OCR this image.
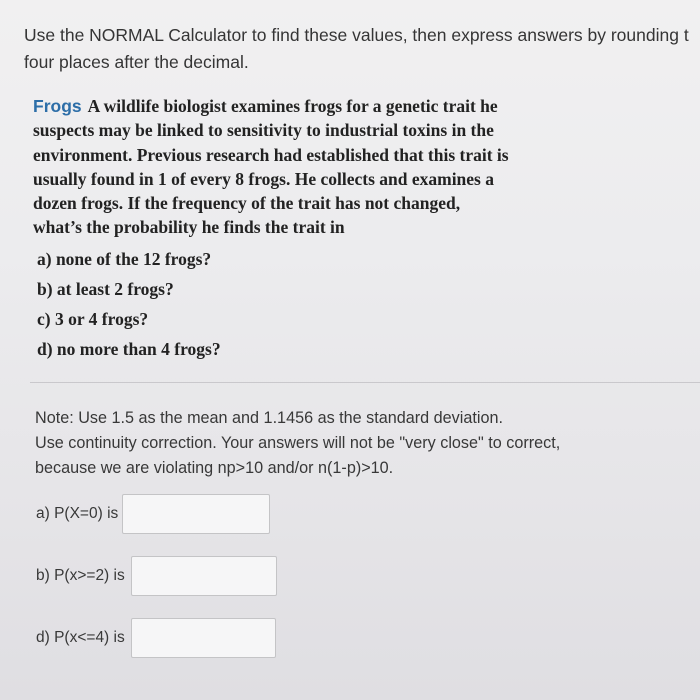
Use the NORMAL Calculator to find these values, then express answers by rounding t
four places after the decimal.
Frogs A wildlife biologist examines frogs for a genetic trait he
suspects may be linked to sensitivity to industrial toxins in the
environment. Previous research had established that this trait is
usually found in 1 of every 8 frogs. He collects and examines a
dozen frogs. If the frequency of the trait has not changed,
what’s the probability he finds the trait in
a) none of the 12 frogs?
b) at least 2 frogs?
c) 3 or 4 frogs?
d) no more than 4 frogs?
Note: Use 1.5 as the mean and 1.1456 as the standard deviation.
Use continuity correction. Your answers will not be "very close" to correct,
because we are violating np>10 and/or n(1-p)>10.
a) P(X=0) is
b) P(x>=2) is
d) P(x<=4) is
